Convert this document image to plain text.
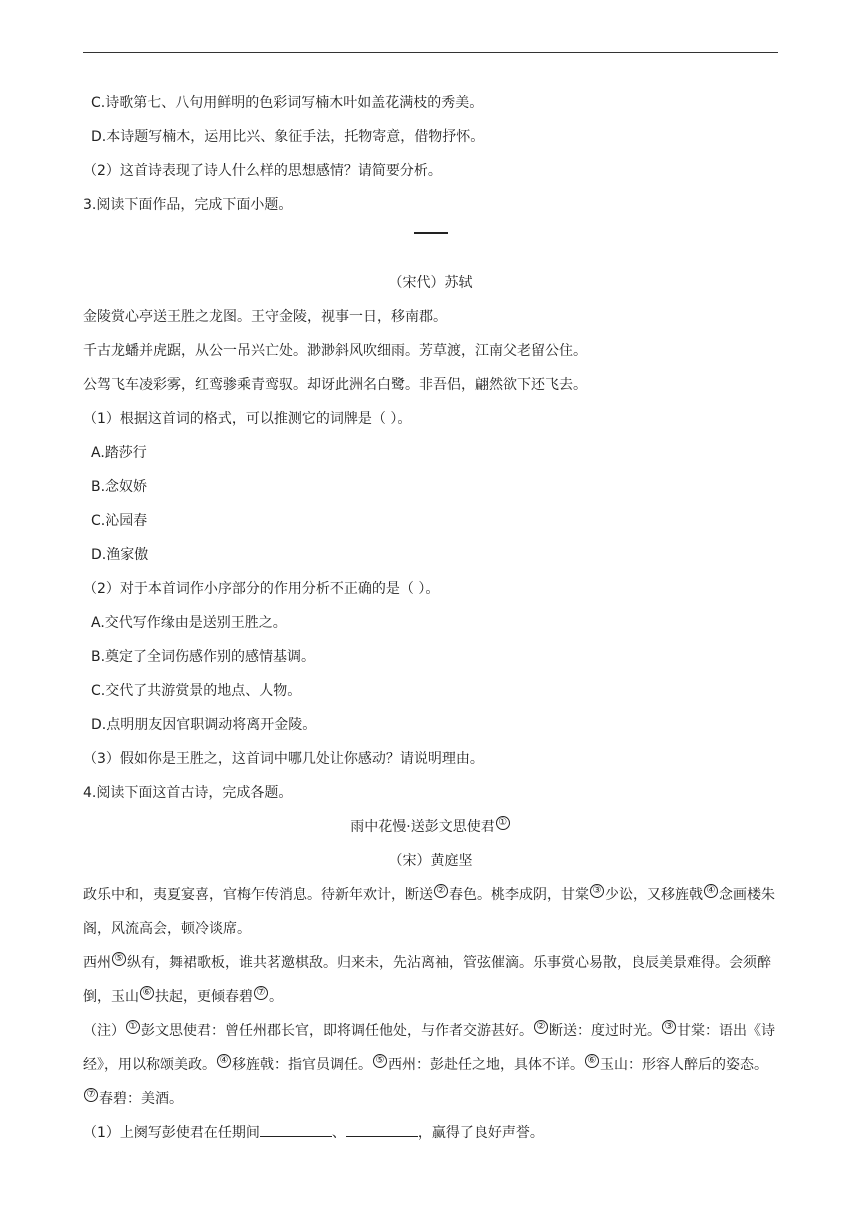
C.诗歌第七、八句用鲜明的色彩词写楠木叶如盖花满枝的秀美。
D.本诗题写楠木，运用比兴、象征手法，托物寄意，借物抒怀。
（2）这首诗表现了诗人什么样的思想感情？请简要分析。
3.阅读下面作品，完成下面小题。
（宋代）苏轼
金陵赏心亭送王胜之龙图。王守金陵，视事一日，移南郡。
千古龙蟠并虎踞，从公一吊兴亡处。渺渺斜风吹细雨。芳草渡，江南父老留公住。
公驾飞车凌彩雾，红鸾骖乘青鸾驭。却讶此洲名白鹭。非吾侣，翩然欲下还飞去。
（1）根据这首词的格式，可以推测它的词牌是（ ）。
A.踏莎行
B.念奴娇
C.沁园春
D.渔家傲
（2）对于本首词作小序部分的作用分析不正确的是（ ）。
A.交代写作缘由是送别王胜之。
B.奠定了全词伤感作别的感情基调。
C.交代了共游赏景的地点、人物。
D.点明朋友因官职调动将离开金陵。
（3）假如你是王胜之，这首词中哪几处让你感动？请说明理由。
4.阅读下面这首古诗，完成各题。
雨中花慢·送彭文思使君 ①
（宋）黄庭坚
政乐中和，夷夏宴喜，官梅乍传消息。待新年欢计，断送 ② 春色。桃李成阴，甘棠 ③ 少讼，又移旌戟 ④ 念画楼朱阁，风流高会，顿冷谈席。
西州 ⑤ 纵有，舞裙歌板，谁共茗邀棋敌。归来未，先沾离袖，管弦催滴。乐事赏心易散，良辰美景难得。会须醉倒，玉山 ⑥ 扶起，更倾春碧 ⑦ 。
（注） ① 彭文思使君：曾任州郡长官，即将调任他处，与作者交游甚好。 ② 断送：度过时光。 ③ 甘棠：语出《诗经》，用以称颂美政。 ④ 移旌戟：指官员调任。 ⑤ 西州：彭赴任之地，具体不详。 ⑥ 玉山：形容人醉后的姿态。⑦ 春碧：美酒。
（1）上阕写彭使君在任期间	、	，赢得了良好声誉。
